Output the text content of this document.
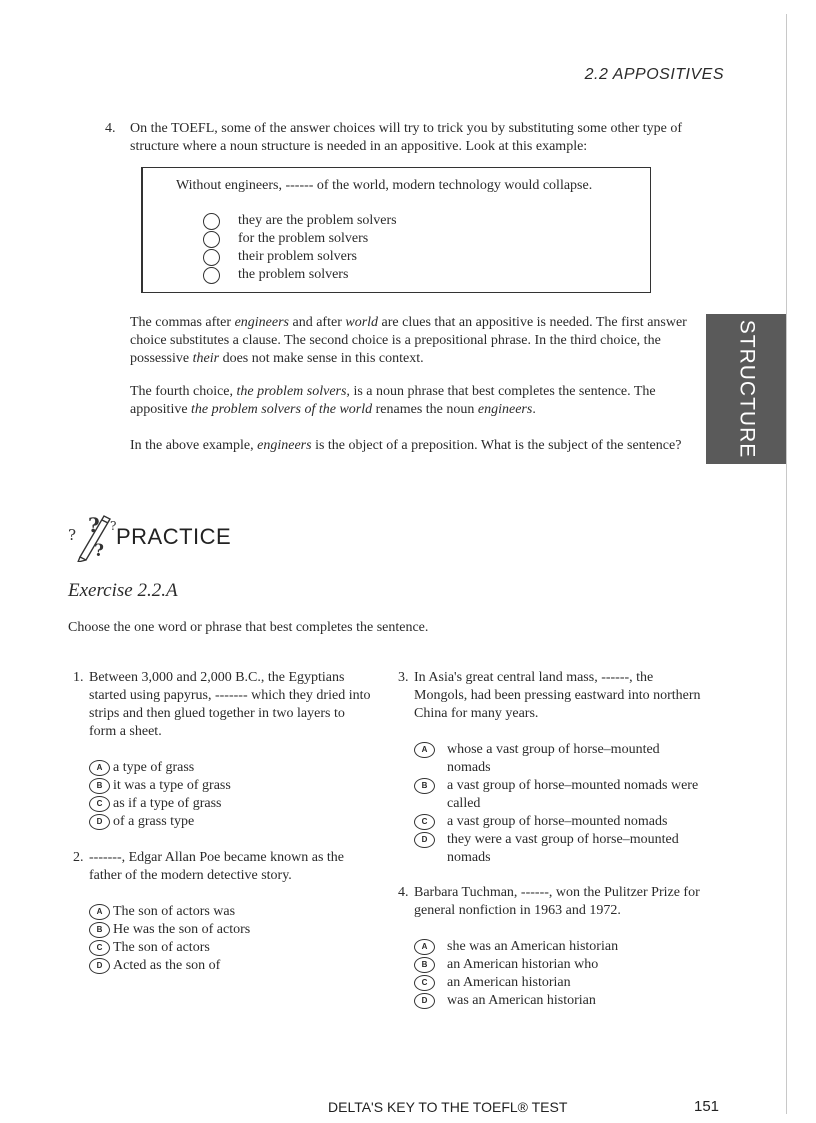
2.2 APPOSITIVES
STRUCTURE
4. On the TOEFL, some of the answer choices will try to trick you by substituting some other type of structure where a noun structure is needed in an appositive. Look at this example:
Without engineers, ------ of the world, modern technology would collapse.
they are the problem solvers
for the problem solvers
their problem solvers
the problem solvers
The commas after engineers and after world are clues that an appositive is needed. The first answer choice substitutes a clause. The second choice is a prepositional phrase. In the third choice, the possessive their does not make sense in this context.
The fourth choice, the problem solvers, is a noun phrase that best completes the sentence. The appositive the problem solvers of the world renames the noun engineers.
In the above example, engineers is the object of a preposition. What is the subject of the sentence?
? ? ?
?
PRACTICE
Exercise 2.2.A
Choose the one word or phrase that best completes the sentence.
1. Between 3,000 and 2,000 B.C., the Egyptians started using papyrus, ------- which they dried into strips and then glued together in two layers to form a sheet.
A a type of grass
B it was a type of grass
C as if a type of grass
D of a grass type
2. -------, Edgar Allan Poe became known as the father of the modern detective story.
A The son of actors was
B He was the son of actors
C The son of actors
D Acted as the son of
3. In Asia's great central land mass, ------, the Mongols, had been pressing eastward into northern China for many years.
A	whose a vast group of horse–mounted nomads
B	a vast group of horse–mounted nomads were called
C	a vast group of horse–mounted nomads
D	they were a vast group of horse–mounted nomads
4. Barbara Tuchman, ------, won the Pulitzer Prize for general nonfiction in 1963 and 1972.
A	she was an American historian
B	an American historian who
C	an American historian
D	was an American historian
DELTA'S KEY TO THE TOEFL® TEST	151
